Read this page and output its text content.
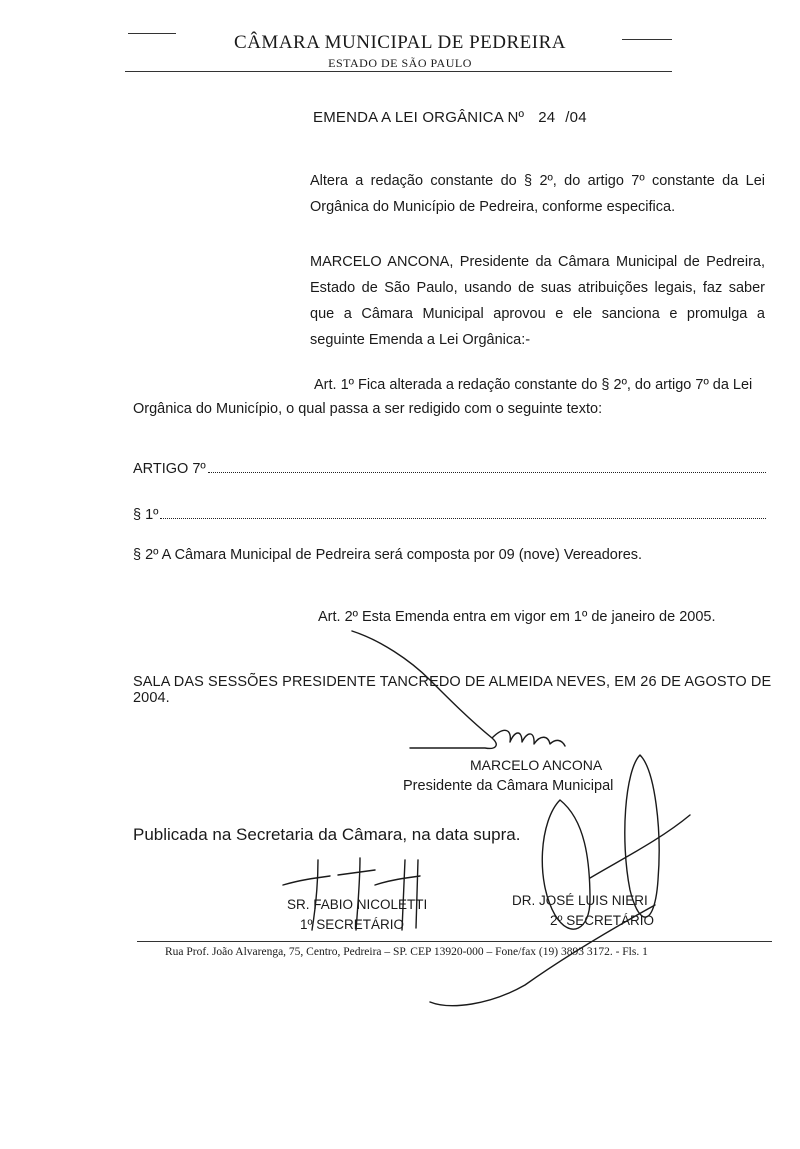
CÂMARA MUNICIPAL DE PEDREIRA
ESTADO DE SÃO PAULO
EMENDA A LEI ORGÂNICA Nº 24 /04

Altera a redação constante do § 2º, do artigo 7º constante da Lei Orgânica do Município de Pedreira, conforme especifica.

MARCELO ANCONA, Presidente da Câmara Municipal de Pedreira, Estado de São Paulo, usando de suas atribuições legais, faz saber que a Câmara Municipal aprovou e ele sanciona e promulga a seguinte Emenda a Lei Orgânica:-

Art. 1º Fica alterada a redação constante do § 2º, do artigo 7º da Lei
Orgânica do Município, o qual passa a ser redigido com o seguinte texto:
ARTIGO 7º
§ 1º
§ 2º A Câmara Municipal de Pedreira será composta por 09 (nove) Vereadores.
Art. 2º Esta Emenda entra em vigor em 1º de janeiro de 2005.
SALA DAS SESSÕES PRESIDENTE TANCREDO DE ALMEIDA NEVES, EM 26 DE AGOSTO DE 2004.
MARCELO ANCONA
Presidente da Câmara Municipal
Publicada na Secretaria da Câmara, na data supra.
SR. FABIO NICOLETTI
1º SECRETÁRIO
DR. JOSÉ LUIS NIERI
2º SECRETÁRIO
Rua Prof. João Alvarenga, 75, Centro, Pedreira – SP. CEP 13920-000 – Fone/fax (19) 3893 3172. - Fls. 1
